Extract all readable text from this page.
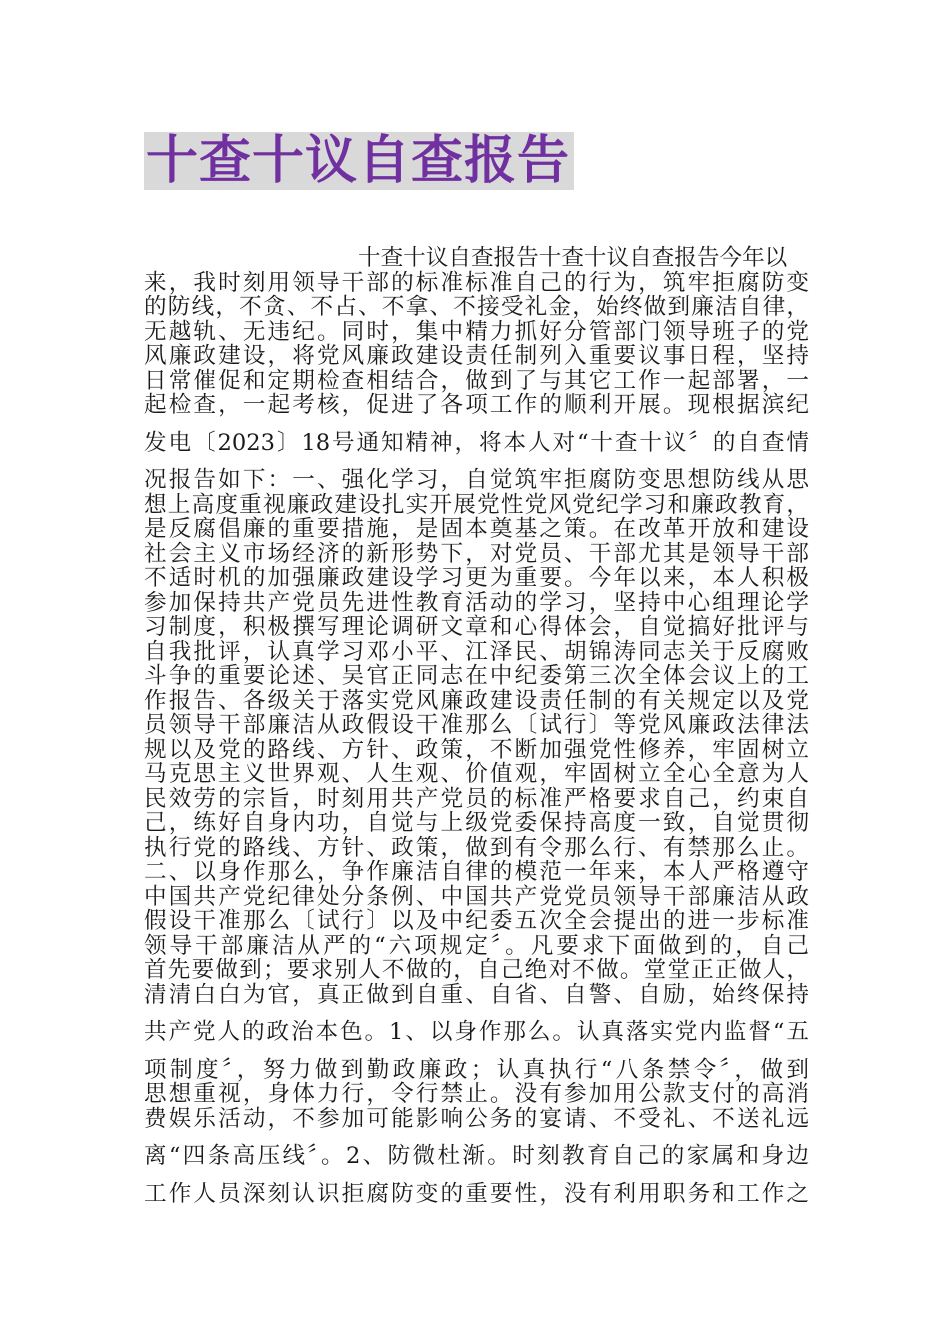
十查十议自查报告
十查十议自查报告十查十议自查报告今年以
来，我时刻用领导干部的标准标准自己的行为，筑牢拒腐防变
的防线，不贪、不占、不拿、不接受礼金，始终做到廉洁自律，
无越轨、无违纪。同时，集中精力抓好分管部门领导班子的党
风廉政建设，将党风廉政建设责任制列入重要议事日程，坚持
日常催促和定期检查相结合，做到了与其它工作一起部署，一
起检查，一起考核，促进了各项工作的顺利开展。现根据滨纪
发电〔2023〕18号通知精神，将本人对“十查十议〞的自查情
况报告如下：一、强化学习，自觉筑牢拒腐防变思想防线从思
想上高度重视廉政建设扎实开展党性党风党纪学习和廉政教育，
是反腐倡廉的重要措施，是固本奠基之策。在改革开放和建设
社会主义市场经济的新形势下，对党员、干部尤其是领导干部
不适时机的加强廉政建设学习更为重要。今年以来，本人积极
参加保持共产党员先进性教育活动的学习，坚持中心组理论学
习制度，积极撰写理论调研文章和心得体会，自觉搞好批评与
自我批评，认真学习邓小平、江泽民、胡锦涛同志关于反腐败
斗争的重要论述、吴官正同志在中纪委第三次全体会议上的工
作报告、各级关于落实党风廉政建设责任制的有关规定以及党
员领导干部廉洁从政假设干准那么〔试行〕等党风廉政法律法
规以及党的路线、方针、政策，不断加强党性修养，牢固树立
马克思主义世界观、人生观、价值观，牢固树立全心全意为人
民效劳的宗旨，时刻用共产党员的标准严格要求自己，约束自
己，练好自身内功，自觉与上级党委保持高度一致，自觉贯彻
执行党的路线、方针、政策，做到有令那么行、有禁那么止。
二、以身作那么，争作廉洁自律的模范一年来，本人严格遵守
中国共产党纪律处分条例、中国共产党党员领导干部廉洁从政
假设干准那么〔试行〕以及中纪委五次全会提出的进一步标准
领导干部廉洁从严的“六项规定〞。凡要求下面做到的，自己
首先要做到；要求别人不做的，自己绝对不做。堂堂正正做人，
清清白白为官，真正做到自重、自省、自警、自励，始终保持
共产党人的政治本色。1、以身作那么。认真落实党内监督“五
项制度〞，努力做到勤政廉政；认真执行“八条禁令〞，做到
思想重视，身体力行，令行禁止。没有参加用公款支付的高消
费娱乐活动，不参加可能影响公务的宴请、不受礼、不送礼远
离“四条高压线〞。2、防微杜渐。时刻教育自己的家属和身边
工作人员深刻认识拒腐防变的重要性，没有利用职务和工作之
